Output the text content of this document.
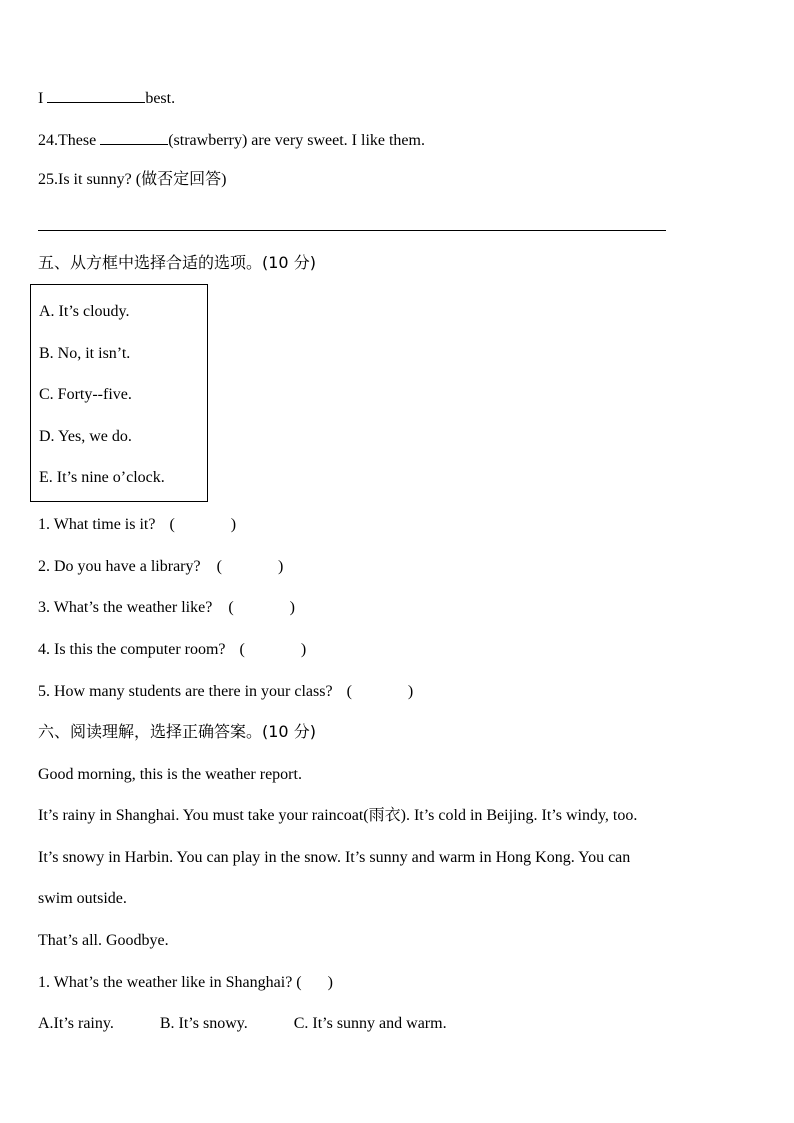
I	best.
24.These	(strawberry) are very sweet. I like them.
25.Is it sunny? (做否定回答)
五、从方框中选择合适的选项。(10 分)
A. It’s cloudy.
B. No, it isn’t.
C. Forty--five.
D. Yes, we do.
E. It’s nine o’clock.
1. What time is it? (	)
2. Do you have a library? (	)
3. What’s the weather like? (	)
4. Is this the computer room? (	)
5. How many students are there in your class? (	)
六、阅读理解，选择正确答案。(10 分)
Good morning, this is the weather report.
It’s rainy in Shanghai. You must take your raincoat(雨衣). It’s cold in Beijing. It’s windy, too.
It’s snowy in Harbin. You can play in the snow. It’s sunny and warm in Hong Kong. You can
swim outside.
That’s all. Goodbye.
1. What’s the weather like in Shanghai? ( )
A.It’s rainy.	B. It’s snowy.	C. It’s sunny and warm.
